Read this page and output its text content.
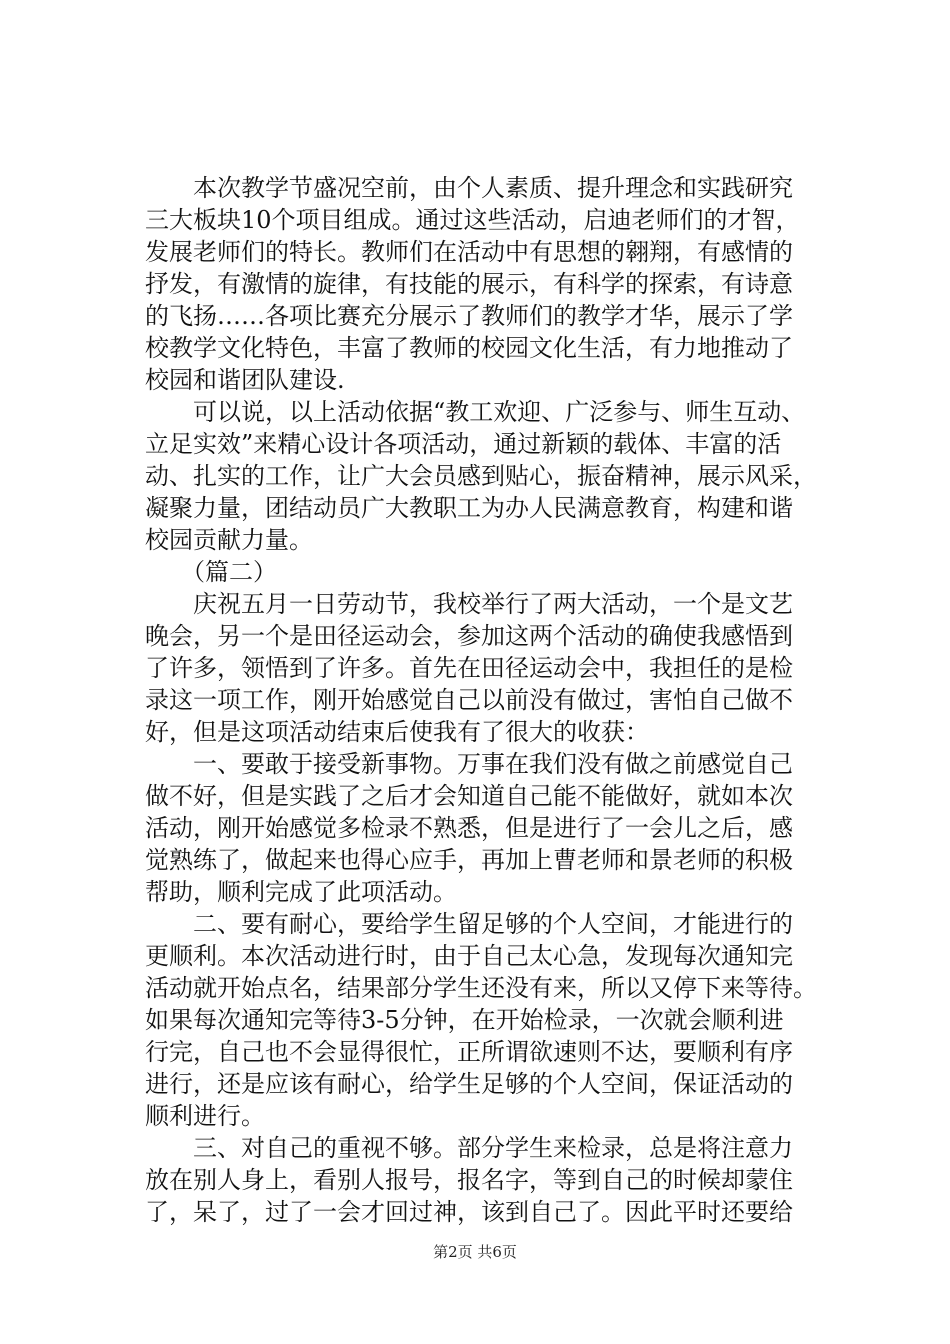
　　本次教学节盛况空前，由个人素质、提升理念和实践研究
三大板块10个项目组成。通过这些活动，启迪老师们的才智，
发展老师们的特长。教师们在活动中有思想的翱翔，有感情的
抒发，有激情的旋律，有技能的展示，有科学的探索，有诗意
的飞扬……各项比赛充分展示了教师们的教学才华，展示了学
校教学文化特色，丰富了教师的校园文化生活，有力地推动了
校园和谐团队建设.
　　可以说，以上活动依据“教工欢迎、广泛参与、师生互动、
立足实效”来精心设计各项活动，通过新颖的载体、丰富的活
动、扎实的工作，让广大会员感到贴心，振奋精神，展示风采，
凝聚力量，团结动员广大教职工为办人民满意教育，构建和谐
校园贡献力量。
　　（篇二）
　　庆祝五月一日劳动节，我校举行了两大活动，一个是文艺
晚会，另一个是田径运动会，参加这两个活动的确使我感悟到
了许多，领悟到了许多。首先在田径运动会中，我担任的是检
录这一项工作，刚开始感觉自己以前没有做过，害怕自己做不
好，但是这项活动结束后使我有了很大的收获：
　　一、要敢于接受新事物。万事在我们没有做之前感觉自己
做不好，但是实践了之后才会知道自己能不能做好，就如本次
活动，刚开始感觉多检录不熟悉，但是进行了一会儿之后，感
觉熟练了，做起来也得心应手，再加上曹老师和景老师的积极
帮助，顺利完成了此项活动。
　　二、要有耐心，要给学生留足够的个人空间，才能进行的
更顺利。本次活动进行时，由于自己太心急，发现每次通知完
活动就开始点名，结果部分学生还没有来，所以又停下来等待。
如果每次通知完等待3-5分钟，在开始检录，一次就会顺利进
行完，自己也不会显得很忙，正所谓欲速则不达，要顺利有序
进行，还是应该有耐心，给学生足够的个人空间，保证活动的
顺利进行。
　　三、对自己的重视不够。部分学生来检录，总是将注意力
放在别人身上，看别人报号，报名字，等到自己的时候却蒙住
了，呆了，过了一会才回过神，该到自己了。因此平时还要给
第2页 共6页
